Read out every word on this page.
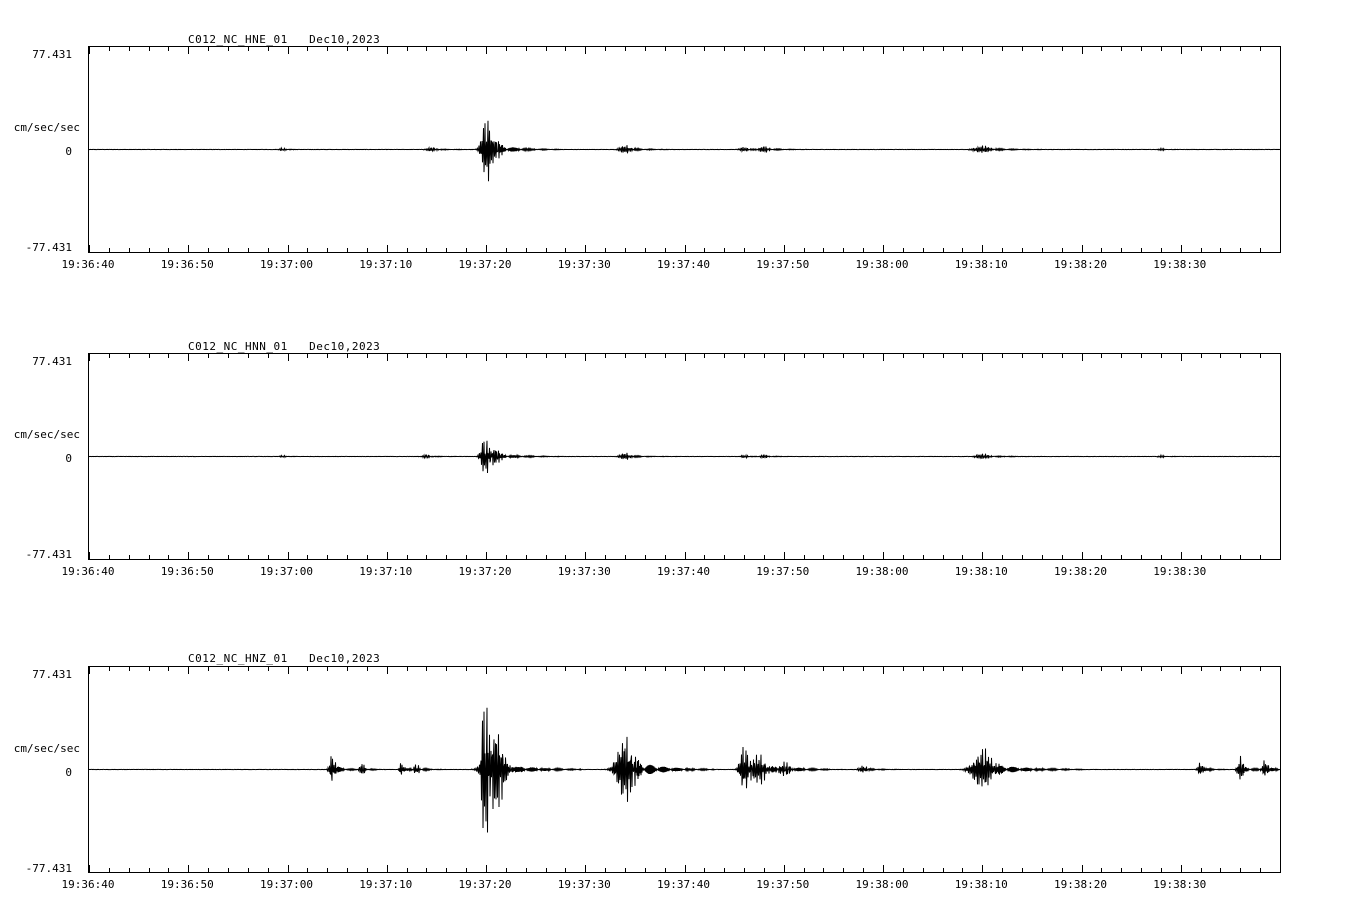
C012_NC_HNE_01   Dec10,2023
77.431
cm/sec/sec
0
-77.431
19:36:40	19:36:50	19:37:00	19:37:10	19:37:20	19:37:30	19:37:40	19:37:50	19:38:00	19:38:10	19:38:20	19:38:30
C012_NC_HNN_01   Dec10,2023
77.431
cm/sec/sec
0
-77.431
19:36:40	19:36:50	19:37:00	19:37:10	19:37:20	19:37:30	19:37:40	19:37:50	19:38:00	19:38:10	19:38:20	19:38:30
C012_NC_HNZ_01   Dec10,2023
77.431
cm/sec/sec
0
-77.431
19:36:40	19:36:50	19:37:00	19:37:10	19:37:20	19:37:30	19:37:40	19:37:50	19:38:00	19:38:10	19:38:20	19:38:30
